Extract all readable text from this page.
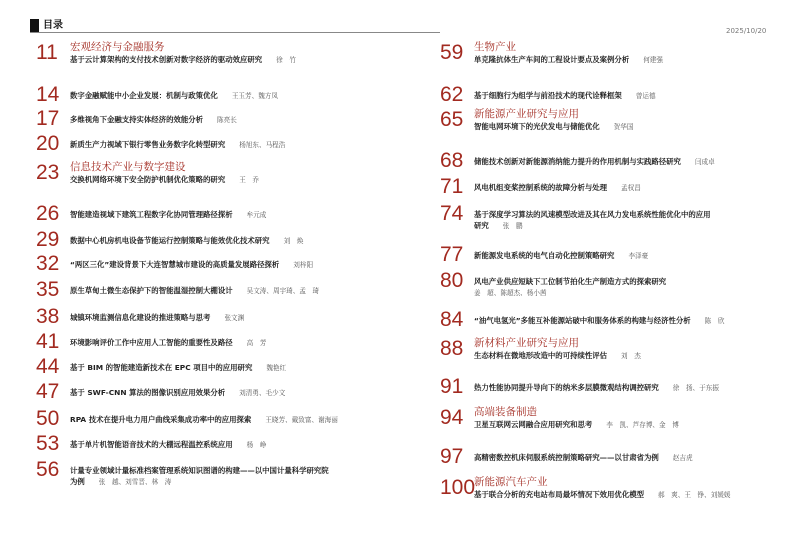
目录	2025/10/20
11 宏观经济与金融服务
基于云计算架构的支付技术创新对数字经济的驱动效应研究 徐　竹
14 数字金融赋能中小企业发展：机制与政策优化 王玉芳、魏方凤
17 多维视角下金融支持实体经济的效能分析 陈亮长
20 新质生产力视域下银行零售业务数字化转型研究 杨旭东、马程浩
23 信息技术产业与数字建设
交换机网络环境下安全防护机制优化策略的研究 王　乔
26 智能建造视域下建筑工程数字化协同管理路径探析 牟元成
29 数据中心机房机电设备节能运行控制策略与能效优化技术研究 刘　焕
32 “两区三化”建设背景下大连智慧城市建设的高质量发展路径探析 刘梓阳
35 原生草甸土微生态保护下的智能温湿控制大棚设计 吴文涛、周宇琦、孟　琦
38 城镇环境监测信息化建设的推进策略与思考 张文渊
41 环境影响评价工作中应用人工智能的重要性及路径 高　芳
44 基于 BIM 的智能建造新技术在 EPC 项目中的应用研究 魏艳红
47 基于 SWF-CNN 算法的图像识别应用效果分析 刘清勇、毛少文
50 RPA 技术在提升电力用户曲线采集成功率中的应用探索 王晓芳、戴致富、谢海丽
53 基于单片机智能语音技术的大棚远程温控系统应用 杨　峥
56 计量专业领域计量标准档案管理系统知识图谱的构建——以中国计量科学研究院
为例 张　越、刘雪晋、林　涛
59 生物产业
单克隆抗体生产车间的工程设计要点及案例分析 何建强
62 基于细胞行为组学与前沿技术的现代诠释框架 曾运德
65 新能源产业研究与应用
智能电网环境下的光伏发电与储能优化 贺华国
68 储能技术创新对新能源消纳能力提升的作用机制与实践路径研究 闫成卓
71 风电机组变桨控制系统的故障分析与处理 孟权昌
74 基于深度学习算法的风速模型改进及其在风力发电系统性能优化中的应用
研究 张　鹏
77 新能源发电系统的电气自动化控制策略研究 李泽豪
80 风电产业供应短缺下工位制节拍化生产制造方式的探索研究
姜　超、陈超杰、杨小茜
84 “油气电氢光”多能互补能源站破中和服务体系的构建与经济性分析 陈　欣
88 新材料产业研究与应用
生态材料在微地形改造中的可持续性评估 刘　杰
91 热力性能协同提升导向下的纳米多层膜微观结构调控研究 徐　扬、于东振
94 高端装备制造
卫星互联网云网融合应用研究和思考 李　凯、芦存博、金　博
97 高精密数控机床伺服系统控制策略研究——以甘肃省为例 赵吉虎
100
新能源汽车产业
基于联合分析的充电站布局最坏情况下效用优化模型 郝　爽、王　铮、刘媛媛
